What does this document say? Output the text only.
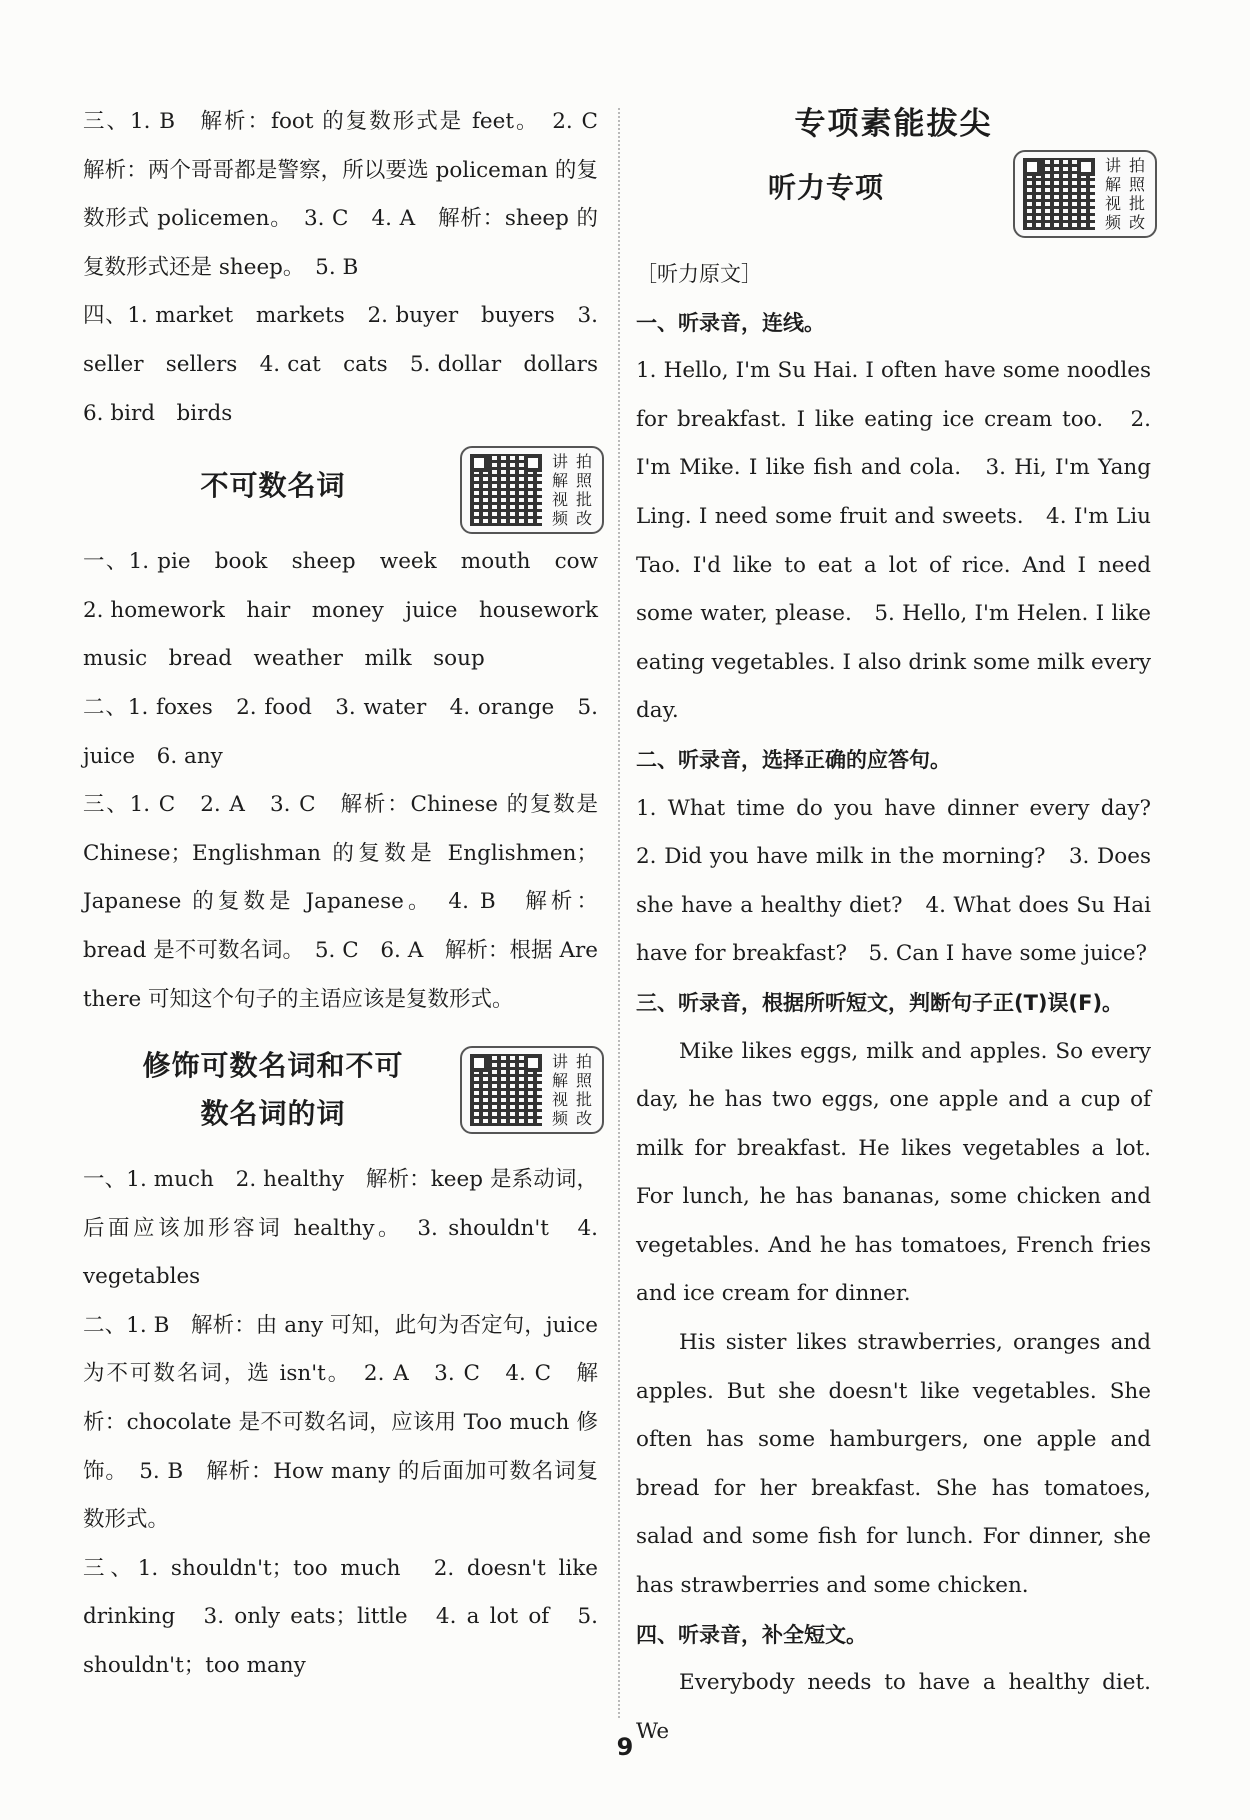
三、1. B　解析：foot 的复数形式是 feet。　2. C　解析：两个哥哥都是警察，所以要选 policeman 的复数形式 policemen。　3. C　4. A　解析：sheep 的复数形式还是 sheep。　5. B

四、1. market　markets　2. buyer　buyers　3. seller　sellers　4. cat　cats　5. dollar　dollars　6. bird　birds

不可数名词
讲 拍
解 照
视 批
频 改

一、1. pie　book　sheep　week　mouth　cow　2. homework　hair　money　juice　housework　music　bread　weather　milk　soup

二、1. foxes　2. food　3. water　4. orange　5. juice　6. any

三、1. C　2. A　3. C　解析：Chinese 的复数是 Chinese；Englishman 的复数是 Englishmen；Japanese 的复数是 Japanese。　4. B　解析：bread 是不可数名词。　5. C　6. A　解析：根据 Are there 可知这个句子的主语应该是复数形式。

修饰可数名词和不可
数名词的词
讲 拍
解 照
视 批
频 改

一、1. much　2. healthy　解析：keep 是系动词，后面应该加形容词 healthy。　3. shouldn't　4. vegetables

二、1. B　解析：由 any 可知，此句为否定句，juice 为不可数名词，选 isn't。　2. A　3. C　4. C　解析：chocolate 是不可数名词，应该用 Too much 修饰。　5. B　解析：How many 的后面加可数名词复数形式。

三、1. shouldn't；too much　2. doesn't like　drinking　3. only eats；little　4. a lot of　5. shouldn't；too many

专项素能拔尖
听力专项
讲 拍
解 照
视 批
频 改

［听力原文］

一、听录音，连线。

1. Hello, I'm Su Hai. I often have some noodles for breakfast. I like eating ice cream too.　2. I'm Mike. I like fish and cola.　3. Hi, I'm Yang Ling. I need some fruit and sweets.　4. I'm Liu Tao. I'd like to eat a lot of rice. And I need some water, please.　5. Hello, I'm Helen. I like eating vegetables. I also drink some milk every day.

二、听录音，选择正确的应答句。

1. What time do you have dinner every day?　2. Did you have milk in the morning?　3. Does she have a healthy diet?　4. What does Su Hai have for breakfast?　5. Can I have some juice?

三、听录音，根据所听短文，判断句子正(T)误(F)。

Mike likes eggs, milk and apples. So every day, he has two eggs, one apple and a cup of milk for breakfast. He likes vegetables a lot. For lunch, he has bananas, some chicken and vegetables. And he has tomatoes, French fries and ice cream for dinner.

His sister likes strawberries, oranges and apples. But she doesn't like vegetables. She often has some hamburgers, one apple and bread for her breakfast. She has tomatoes, salad and some fish for lunch. For dinner, she has strawberries and some chicken.

四、听录音，补全短文。

Everybody needs to have a healthy diet. We

9
